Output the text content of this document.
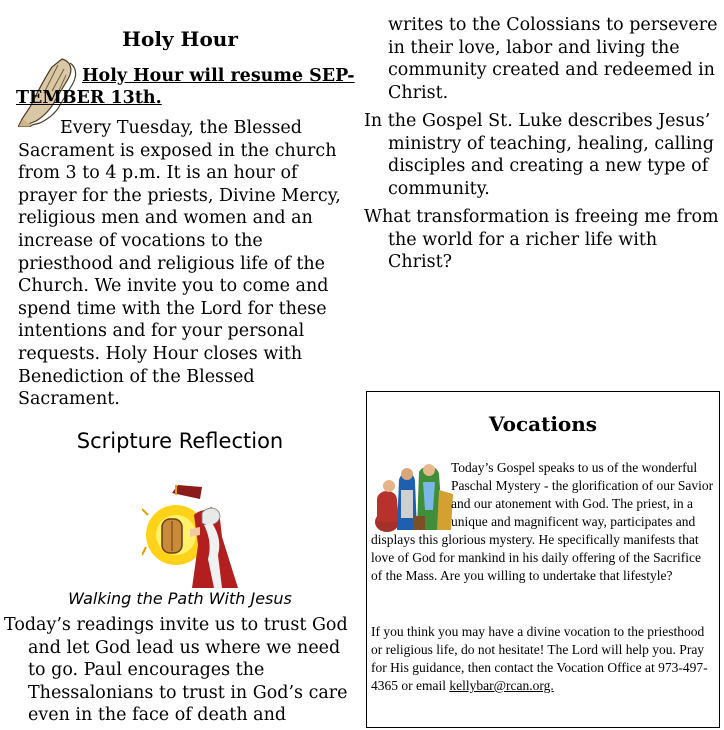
Holy Hour
Holy Hour will resume SEP-
TEMBER 13th.

Every Tuesday, the Blessed Sacrament is exposed in the church from 3 to 4 p.m. It is an hour of prayer for the priests, Divine Mercy, religious men and women and an increase of vocations to the priesthood and religious life of the Church. We invite you to come and spend time with the Lord for these intentions and for your personal requests. Holy Hour closes with Benediction of the Blessed Sacrament.

Scripture Reflection
Walking the Path With Jesus

Today’s readings invite us to trust God and let God lead us where we need to go. Paul encourages the Thessalonians to trust in God’s care even in the face of death and

writes to the Colossians to persevere in their love, labor and living the community created and redeemed in Christ.

In the Gospel St. Luke describes Jesus’ ministry of teaching, healing, calling disciples and creating a new type of community.

What transformation is freeing me from the world for a richer life with Christ?

Vocations

Today’s Gospel speaks to us of the wonderful Paschal Mystery - the glorification of our Savior and our atonement with God. The priest, in a unique and magnificent way, participates and displays this glorious mystery. He specifically manifests that love of God for mankind in his daily offering of the Sacrifice of the Mass. Are you willing to undertake that lifestyle?

If you think you may have a divine vocation to the priesthood or religious life, do not hesitate! The Lord will help you. Pray for His guidance, then contact the Vocation Office at 973-497-4365 or email kellybar@rcan.org.
